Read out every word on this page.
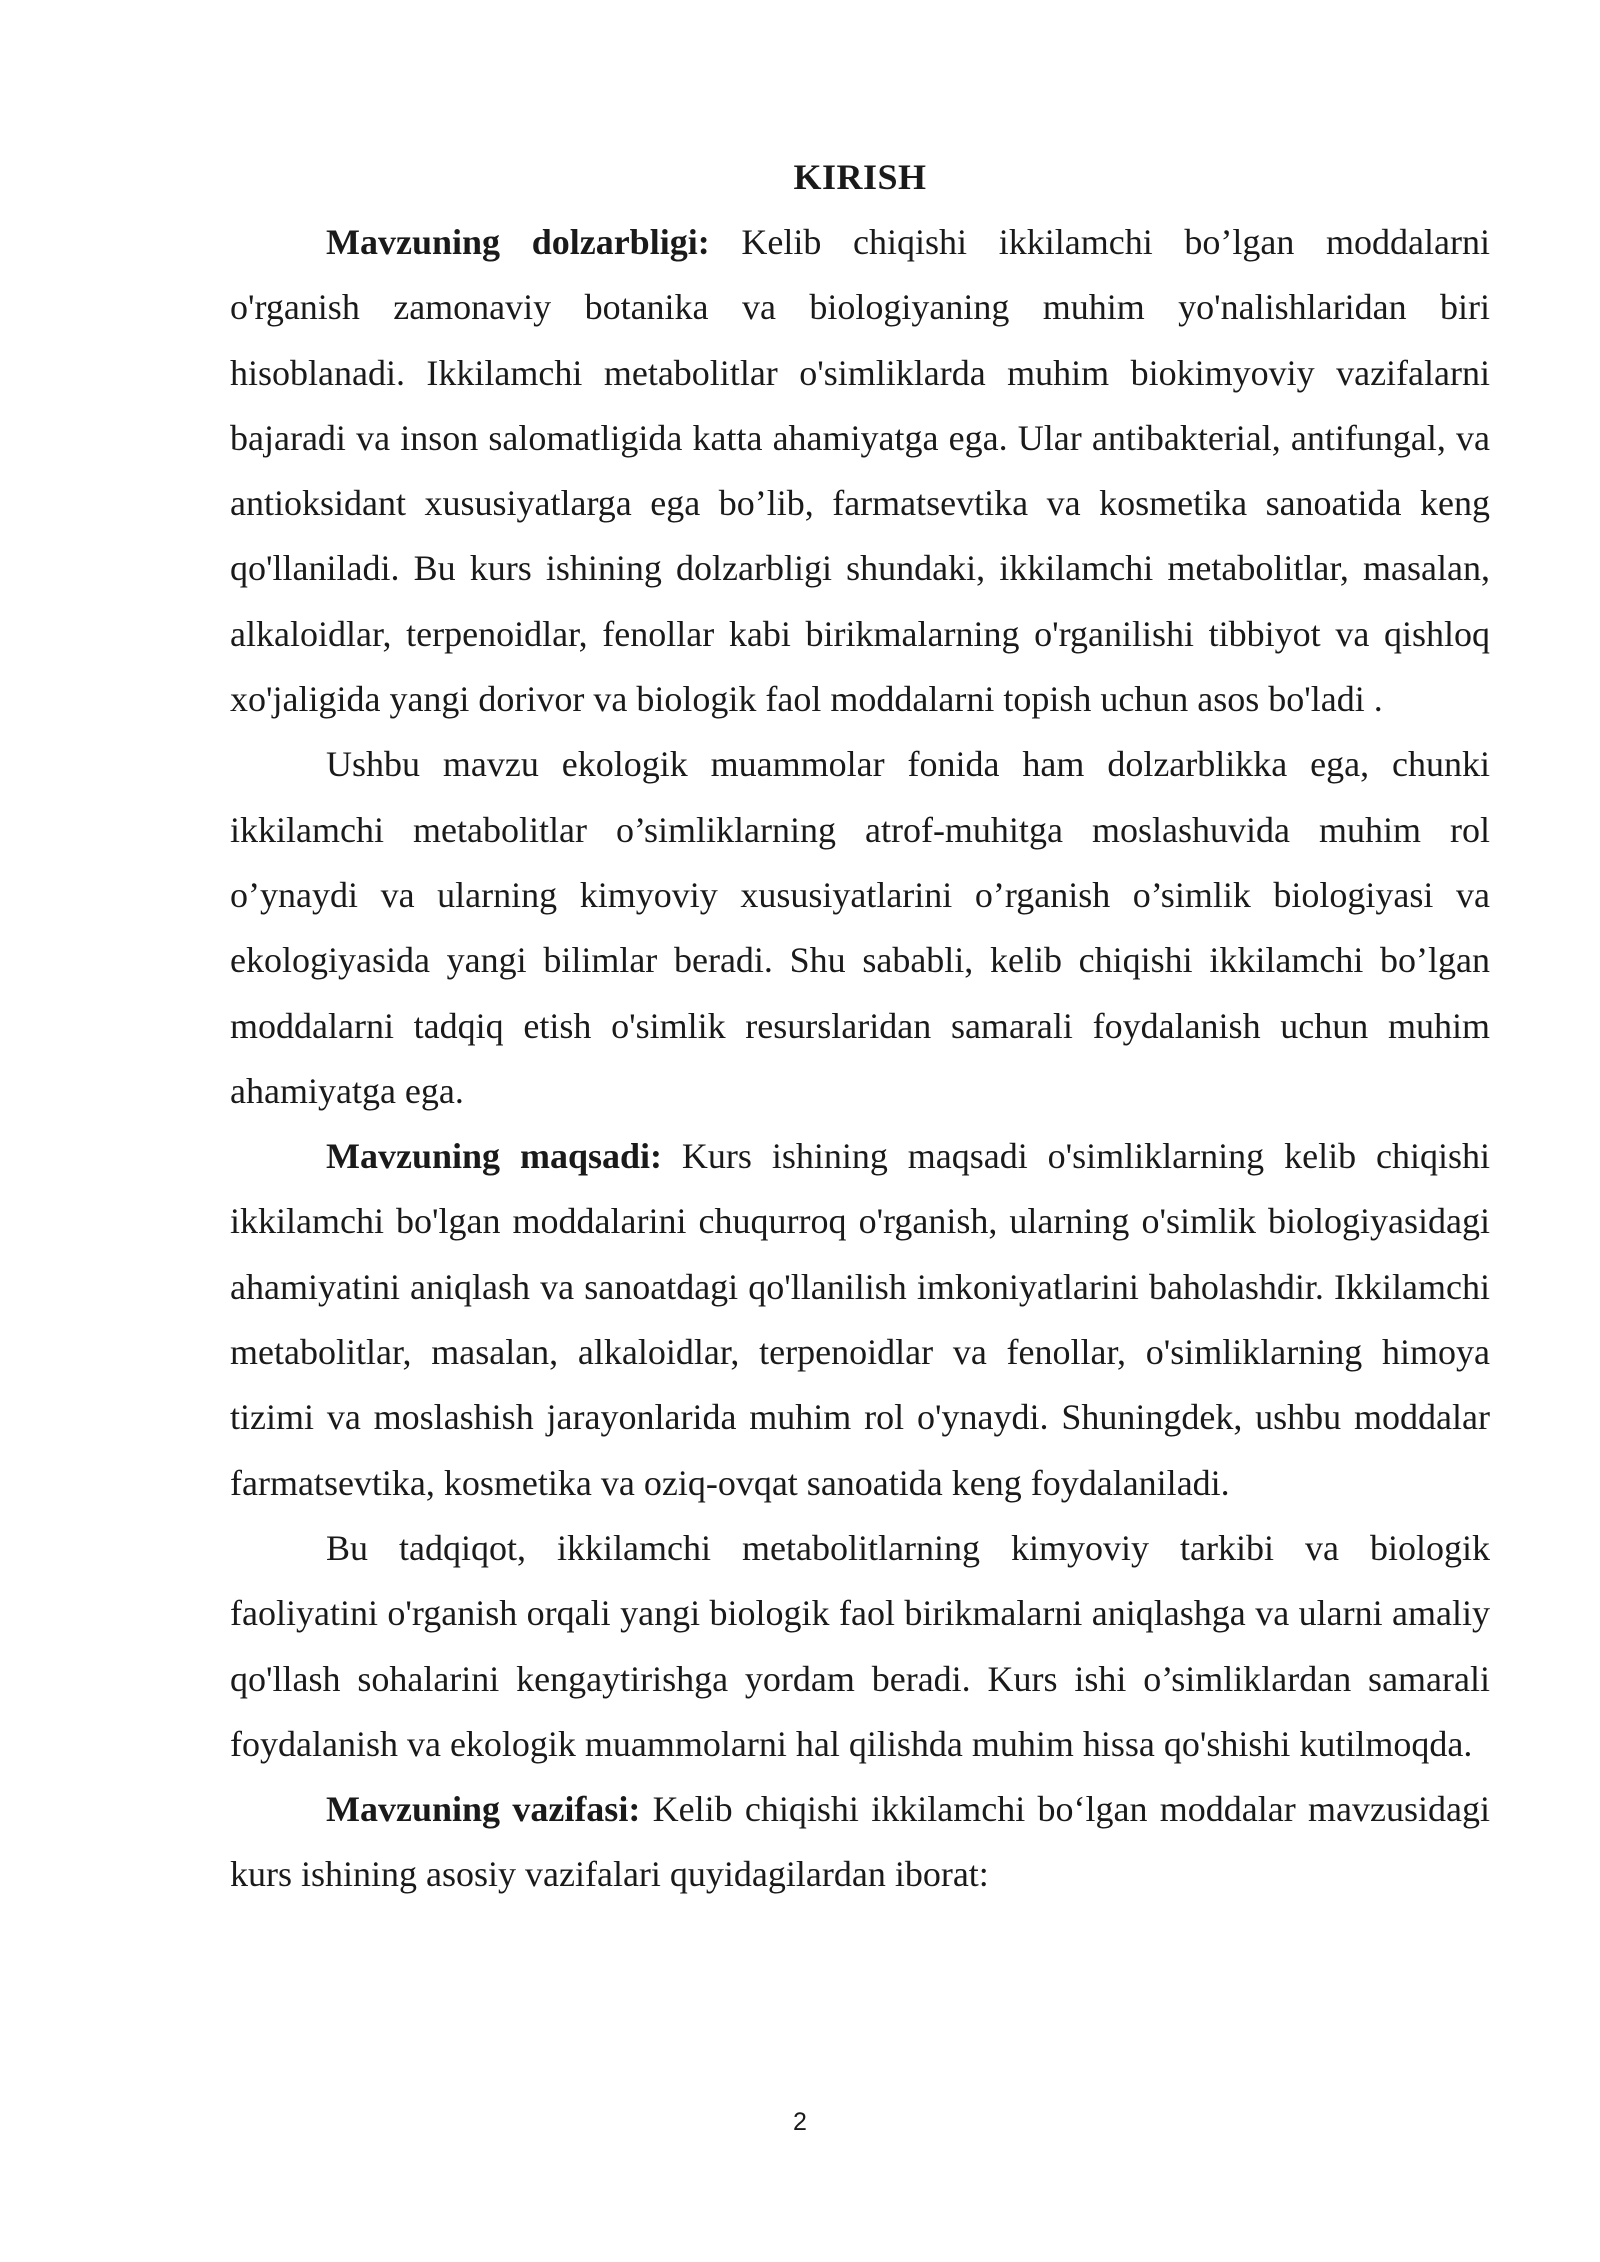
KIRISH

Mavzuning dolzarbligi: Kelib chiqishi ikkilamchi bo’lgan moddalarni o'rganish zamonaviy botanika va biologiyaning muhim yo'nalishlaridan biri hisoblanadi. Ikkilamchi metabolitlar o'simliklarda muhim biokimyoviy vazifalarni bajaradi va inson salomatligida katta ahamiyatga ega. Ular antibakterial, antifungal, va antioksidant xususiyatlarga ega bo’lib, farmatsevtika va kosmetika sanoatida keng qo'llaniladi. Bu kurs ishining dolzarbligi shundaki, ikkilamchi metabolitlar, masalan, alkaloidlar, terpenoidlar, fenollar kabi birikmalarning o'rganilishi tibbiyot va qishloq xo'jaligida yangi dorivor va biologik faol moddalarni topish uchun asos bo'ladi .

Ushbu mavzu ekologik muammolar fonida ham dolzarblikka ega, chunki ikkilamchi metabolitlar o’simliklarning atrof-muhitga moslashuvida muhim rol o’ynaydi va ularning kimyoviy xususiyatlarini o’rganish o’simlik biologiyasi va ekologiyasida yangi bilimlar beradi. Shu sababli, kelib chiqishi ikkilamchi bo’lgan moddalarni tadqiq etish o'simlik resurslaridan samarali foydalanish uchun muhim ahamiyatga ega.

Mavzuning maqsadi: Kurs ishining maqsadi o'simliklarning kelib chiqishi ikkilamchi bo'lgan moddalarini chuqurroq o'rganish, ularning o'simlik biologiyasidagi ahamiyatini aniqlash va sanoatdagi qo'llanilish imkoniyatlarini baholashdir. Ikkilamchi metabolitlar, masalan, alkaloidlar, terpenoidlar va fenollar, o'simliklarning himoya tizimi va moslashish jarayonlarida muhim rol o'ynaydi. Shuningdek, ushbu moddalar farmatsevtika, kosmetika va oziq-ovqat sanoatida keng foydalaniladi.

Bu tadqiqot, ikkilamchi metabolitlarning kimyoviy tarkibi va biologik faoliyatini o'rganish orqali yangi biologik faol birikmalarni aniqlashga va ularni amaliy qo'llash sohalarini kengaytirishga yordam beradi. Kurs ishi o’simliklardan samarali foydalanish va ekologik muammolarni hal qilishda muhim hissa qo'shishi kutilmoqda.

Mavzuning vazifasi: Kelib chiqishi ikkilamchi bo‘lgan moddalar mavzusidagi kurs ishining asosiy vazifalari quyidagilardan iborat:

2
